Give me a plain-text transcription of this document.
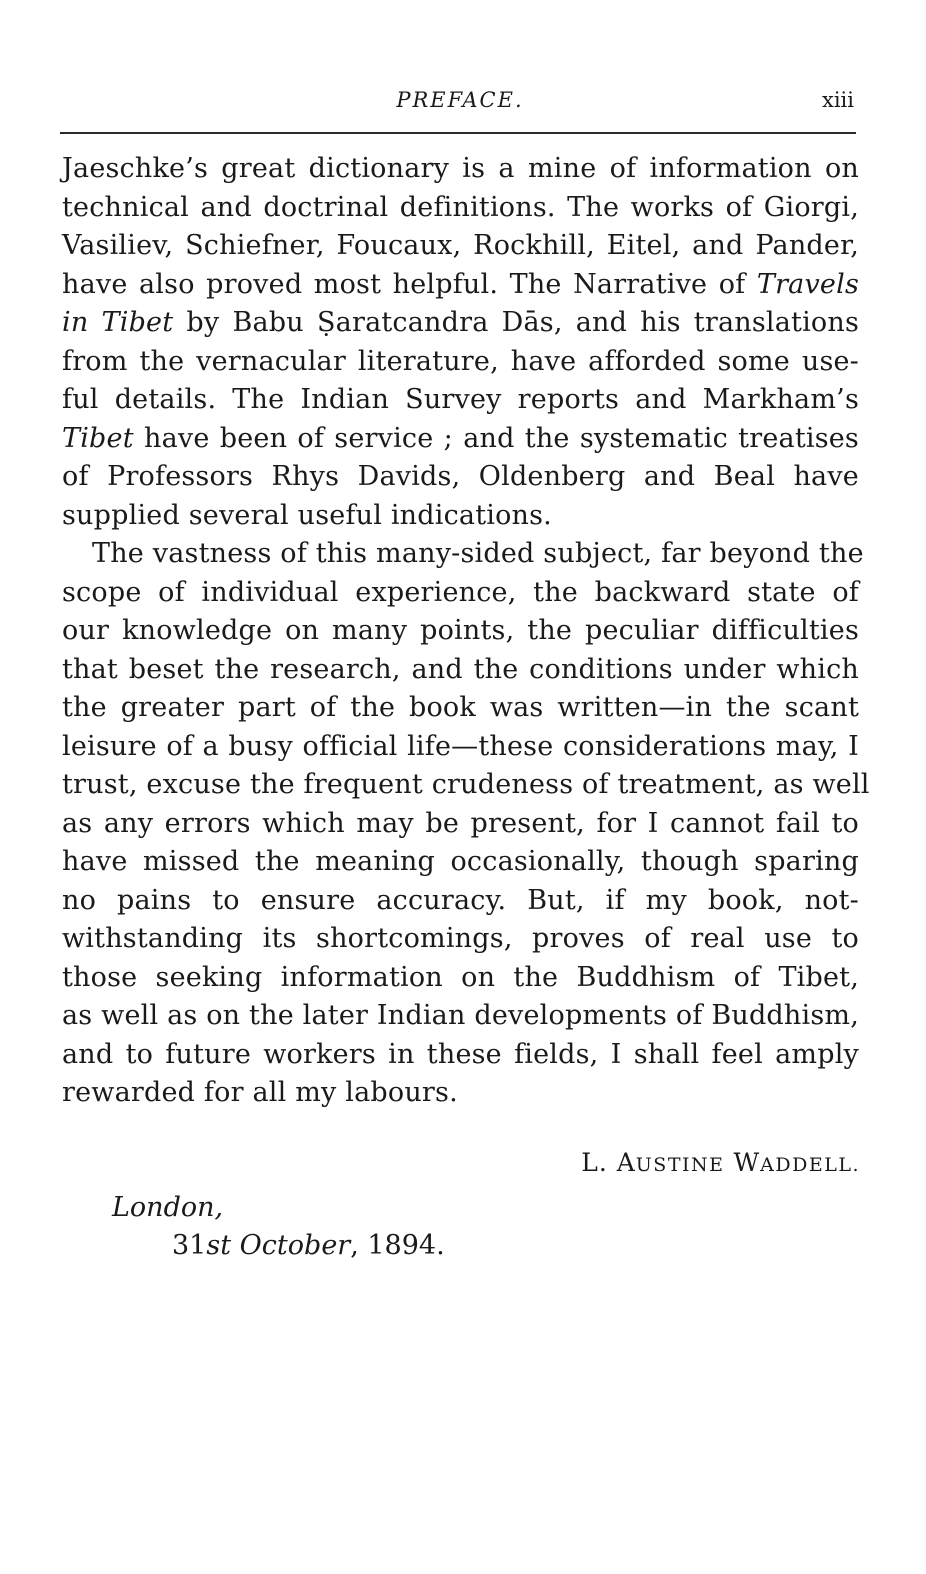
PREFACE.	xiii
Jaeschke’s great dictionary is a mine of information on
technical and doctrinal definitions. The works of Giorgi,
Vasiliev, Schiefner, Foucaux, Rockhill, Eitel, and Pander,
have also proved most helpful. The Narrative of Travels
in Tibet by Babu Ṣaratcandra Dās, and his translations
from the vernacular literature, have afforded some use-
ful details. The Indian Survey reports and Markham’s
Tibet have been of service ; and the systematic treatises
of Professors Rhys Davids, Oldenberg and Beal have
supplied several useful indications.
The vastness of this many-sided subject, far beyond the
scope of individual experience, the backward state of
our knowledge on many points, the peculiar difficulties
that beset the research, and the conditions under which
the greater part of the book was written—in the scant
leisure of a busy official life—these considerations may, I
trust, excuse the frequent crudeness of treatment, as well
as any errors which may be present, for I cannot fail to
have missed the meaning occasionally, though sparing
no pains to ensure accuracy. But, if my book, not-
withstanding its shortcomings, proves of real use to
those seeking information on the Buddhism of Tibet,
as well as on the later Indian developments of Buddhism,
and to future workers in these fields, I shall feel amply
rewarded for all my labours.
L. AUSTINE WADDELL.
London,
31st October, 1894.
